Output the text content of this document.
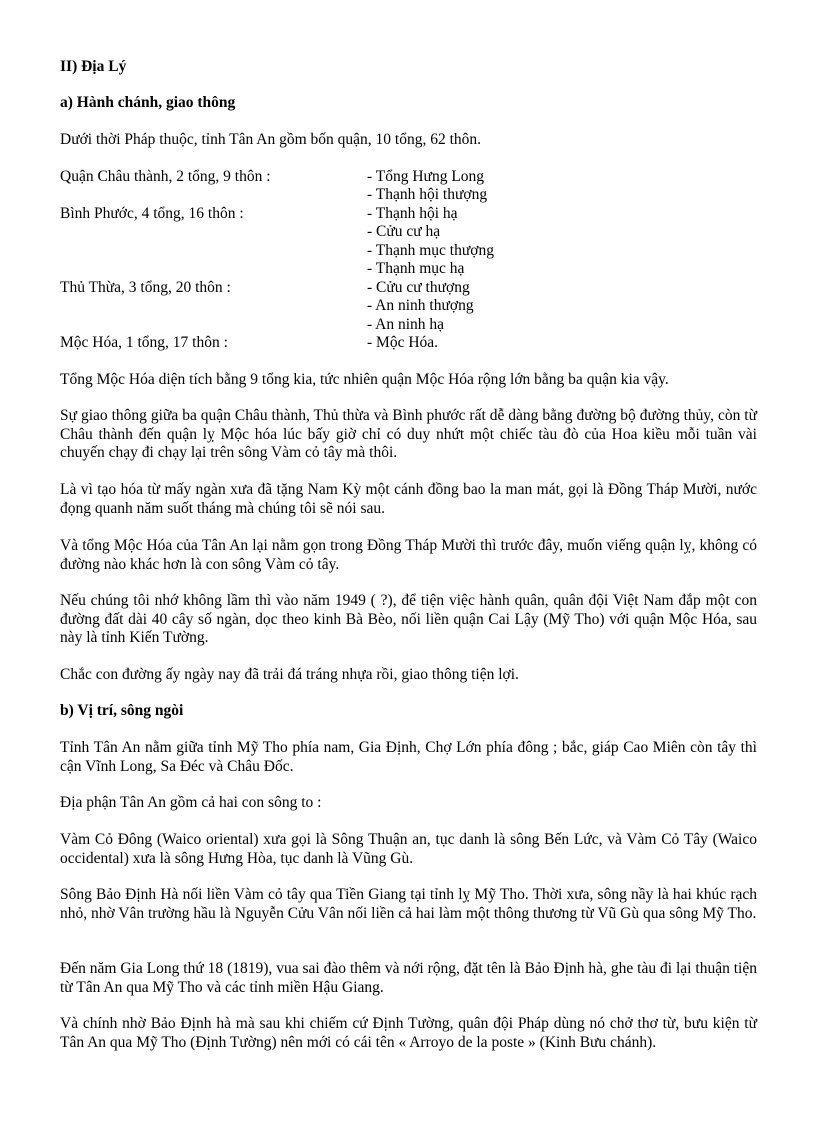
II) Địa Lý
a) Hành chánh, giao thông
Dưới thời Pháp thuộc, tỉnh Tân An gồm bốn quận, 10 tổng, 62 thôn.
Quận Châu thành, 2 tổng, 9 thôn :
Bình Phước, 4 tổng, 16 thôn :
Thủ Thừa, 3 tổng, 20 thôn :
Mộc Hóa, 1 tổng, 17 thôn :
- Tổng Hưng Long
- Thạnh hội thượng
- Thạnh hội hạ
- Cửu cư hạ
- Thạnh mục thượng
- Thạnh mục hạ
- Cửu cư thượng
- An ninh thượng
- An ninh hạ
- Mộc Hóa.
Tổng Mộc Hóa diện tích bằng 9 tổng kia, tức nhiên quận Mộc Hóa rộng lớn bằng ba quận kia vậy.
Sự giao thông giữa ba quận Châu thành, Thủ thừa và Bình phước rất dễ dàng bằng đường bộ đường thủy, còn từ Châu thành đến quận lỵ Mộc hóa lúc bấy giờ chỉ có duy nhứt một chiếc tàu đò của Hoa kiều mỗi tuần vài chuyến chạy đi chạy lại trên sông Vàm cỏ tây mà thôi.
Là vì tạo hóa từ mấy ngàn xưa đã tặng Nam Kỳ một cánh đồng bao la man mát, gọi là Đồng Tháp Mười, nước đọng quanh năm suốt tháng mà chúng tôi sẽ nói sau.
Và tổng Mộc Hóa của Tân An lại nằm gọn trong Đồng Tháp Mười thì trước đây, muốn viếng quận lỵ, không có đường nào khác hơn là con sông Vàm cỏ tây.
Nếu chúng tôi nhớ không lầm thì vào năm 1949 ( ?), để tiện việc hành quân, quân đội Việt Nam đắp một con đường đất dài 40 cây số ngàn, dọc theo kinh Bà Bèo, nối liền quận Cai Lậy (Mỹ Tho) với quận Mộc Hóa, sau này là tỉnh Kiến Tường.
Chắc con đường ấy ngày nay đã trải đá tráng nhựa rồi, giao thông tiện lợi.
b) Vị trí, sông ngòi
Tỉnh Tân An nằm giữa tỉnh Mỹ Tho phía nam, Gia Định, Chợ Lớn phía đông ; bắc, giáp Cao Miên còn tây thì cận Vĩnh Long, Sa Đéc và Châu Đốc.
Địa phận Tân An gồm cả hai con sông to :
Vàm Cỏ Đông (Waico oriental) xưa gọi là Sông Thuận an, tục danh là sông Bến Lức, và Vàm Cỏ Tây (Waico occidental) xưa là sông Hưng Hòa, tục danh là Vũng Gù.
Sông Bảo Định Hà nối liền Vàm cỏ tây qua Tiền Giang tại tỉnh lỵ Mỹ Tho. Thời xưa, sông nầy là hai khúc rạch nhỏ, nhờ Vân trường hầu là Nguyễn Cửu Vân nối liền cả hai làm một thông thương từ Vũ Gù qua sông Mỹ Tho.
Đến năm Gia Long thứ 18 (1819), vua sai đào thêm và nới rộng, đặt tên là Bảo Định hà, ghe tàu đi lại thuận tiện từ Tân An qua Mỹ Tho và các tỉnh miền Hậu Giang.
Và chính nhờ Bảo Định hà mà sau khi chiếm cứ Định Tường, quân đội Pháp dùng nó chở thơ từ, bưu kiện từ Tân An qua Mỹ Tho (Định Tường) nên mới có cái tên « Arroyo de la poste » (Kinh Bưu chánh).
